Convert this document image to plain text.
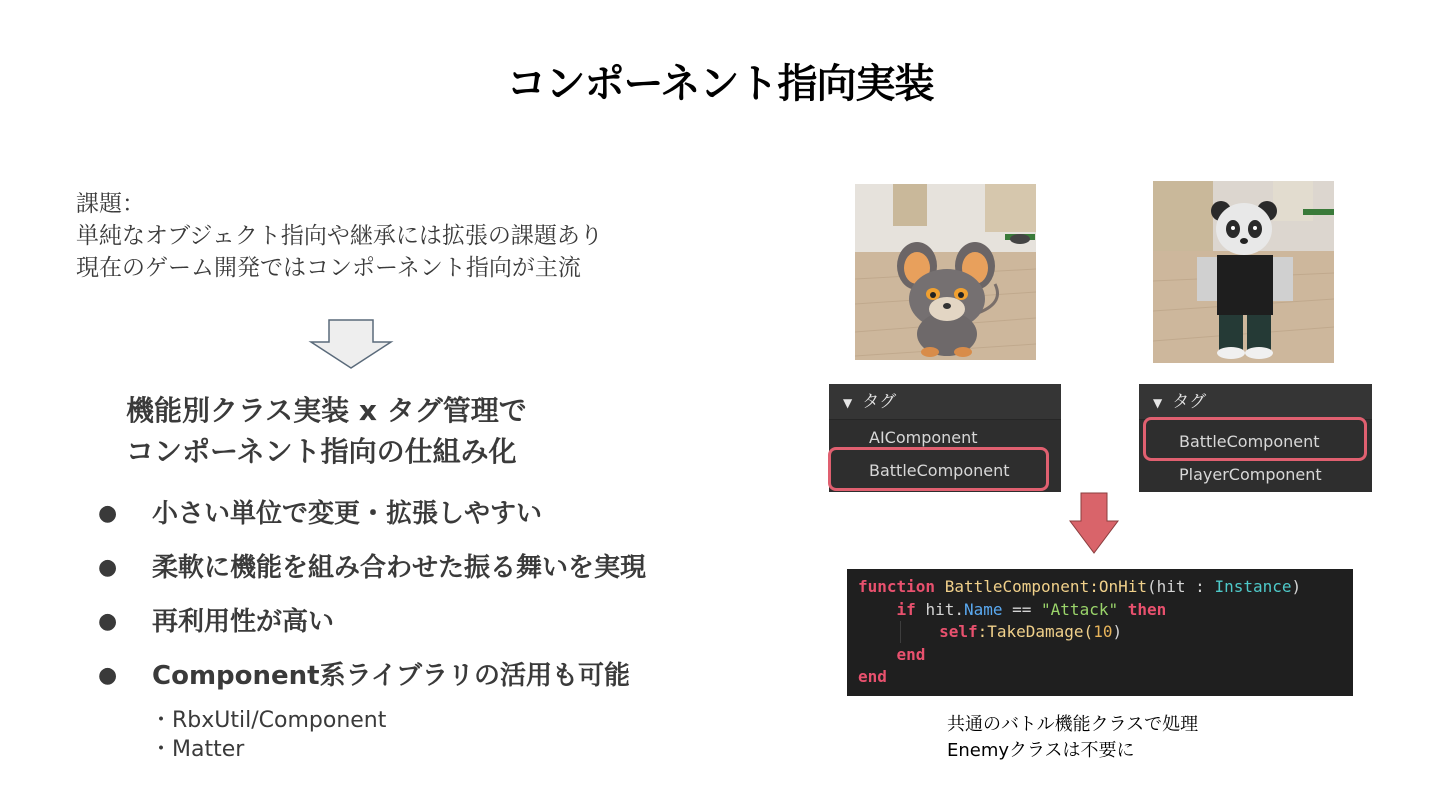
コンポーネント指向実装
課題：
単純なオブジェクト指向や継承には拡張の課題あり
現在のゲーム開発ではコンポーネント指向が主流
機能別クラス実装 x タグ管理で
コンポーネント指向の仕組み化
● 小さい単位で変更・拡張しやすい
● 柔軟に機能を組み合わせた振る舞いを実現
● 再利用性が高い
● Component系ライブラリの活用も可能
・RbxUtil/Component
・Matter
▼ タグ
AIComponent
BattleComponent
▼ タグ
BattleComponent
PlayerComponent
function BattleComponent:OnHit(hit : Instance)
if hit.Name == "Attack" then
self:TakeDamage(10)
end
end
共通のバトル機能クラスで処理
Enemyクラスは不要に
